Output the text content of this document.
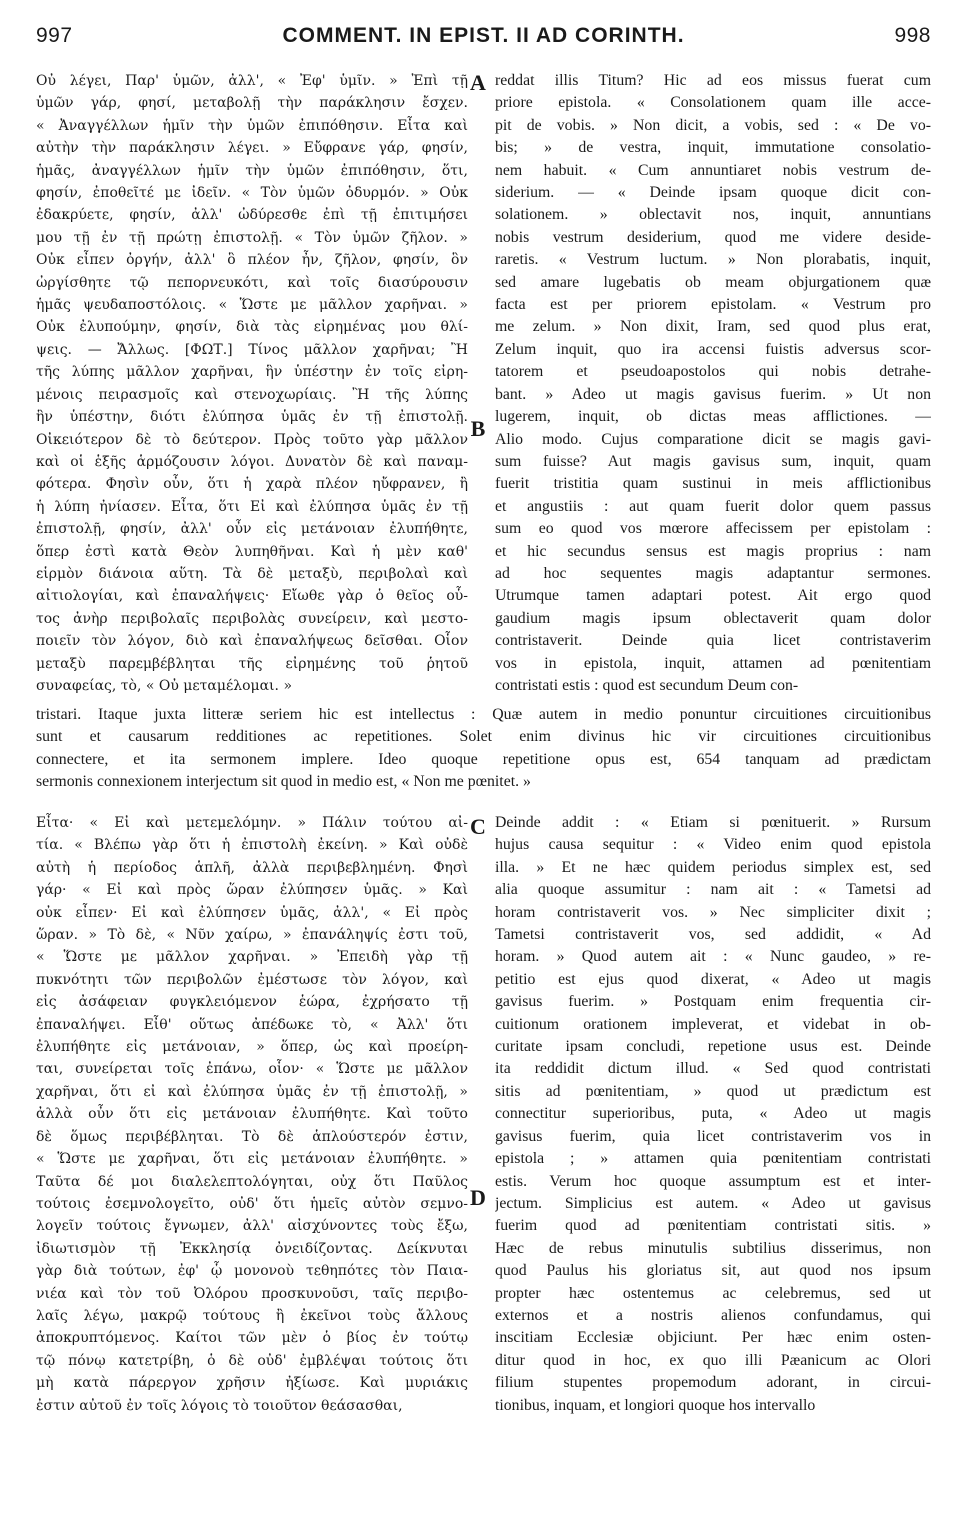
997	COMMENT. IN EPIST. II AD CORINTH.	998
A
B
C
D
Οὐ λέγει, Παρ' ὑμῶν, ἀλλ', « Ἐφ' ὑμῖν. » Ἐπὶ τῇ
ὑμῶν γάρ, φησί, μεταβολῇ τὴν παράκλησιν ἔσχεν.
« Ἀναγγέλλων ἡμῖν τὴν ὑμῶν ἐπιπόθησιν. Εἶτα καὶ
αὐτὴν τὴν παράκλησιν λέγει. » Εὔφρανε γάρ, φησίν,
ἡμᾶς, ἀναγγέλλων ἡμῖν τὴν ὑμῶν ἐπιπόθησιν, ὅτι,
φησίν, ἐποθεῖτέ με ἰδεῖν. « Τὸν ὑμῶν ὀδυρμόν. » Οὐκ
ἐδακρύετε, φησίν, ἀλλ' ὠδύρεσθε ἐπὶ τῇ ἐπιτιμήσει
μου τῇ ἐν τῇ πρώτῃ ἐπιστολῇ. « Τὸν ὑμῶν ζῆλον. »
Οὐκ εἶπεν ὀργήν, ἀλλ' ὃ πλέον ἦν, ζῆλον, φησίν, ὃν
ὠργίσθητε τῷ πεπορνευκότι, καὶ τοῖς διασύρουσιν
ἡμᾶς ψευδαποστόλοις. « Ὥστε με μᾶλλον χαρῆναι. »
Οὐκ ἐλυπούμην, φησίν, διὰ τὰς εἰρημένας μου θλί-
ψεις. — Ἄλλως. [ΦΩΤ.] Τίνος μᾶλλον χαρῆναι; Ἢ
τῆς λύπης μᾶλλον χαρῆναι, ἣν ὑπέστην ἐν τοῖς εἰρη-
μένοις πειρασμοῖς καὶ στενοχωρίαις. Ἢ τῆς λύπης
ἣν ὑπέστην, διότι ἐλύπησα ὑμᾶς ἐν τῇ ἐπιστολῇ.
Οἰκειότερον δὲ τὸ δεύτερον. Πρὸς τοῦτο γὰρ μᾶλλον
καὶ οἱ ἑξῆς ἁρμόζουσιν λόγοι. Δυνατὸν δὲ καὶ παναμ-
φότερα. Φησὶν οὖν, ὅτι ἡ χαρὰ πλέον ηὔφρανεν, ἢ
ἡ λύπη ἠνίασεν. Εἶτα, ὅτι Εἰ καὶ ἐλύπησα ὑμᾶς ἐν τῇ
ἐπιστολῇ, φησίν, ἀλλ' οὖν εἰς μετάνοιαν ἐλυπήθητε,
ὅπερ ἐστὶ κατὰ Θεὸν λυπηθῆναι. Καὶ ἡ μὲν καθ'
εἱρμὸν διάνοια αὕτη. Τὰ δὲ μεταξὺ, περιβολαὶ καὶ
αἰτιολογίαι, καὶ ἐπαναλήψεις· Εἴωθε γὰρ ὁ θεῖος οὗ-
τος ἀνὴρ περιβολαῖς περιβολὰς συνείρειν, καὶ μεστο-
ποιεῖν τὸν λόγον, διὸ καὶ ἐπαναλήψεως δεῖσθαι. Οἷον
μεταξὺ παρεμβέβληται τῆς εἰρημένης τοῦ ῥητοῦ
συναφείας, τὸ, « Οὐ μεταμέλομαι. »
reddat illis Titum? Hic ad eos missus fuerat cum
priore epistola. « Consolationem quam ille acce-
pit de vobis. » Non dicit, a vobis, sed : « De vo-
bis; » de vestra, inquit, immutatione consolatio-
nem habuit. « Cum annuntiaret nobis vestrum de-
siderium. — « Deinde ipsam quoque dicit con-
solationem. » oblectavit nos, inquit, annuntians
nobis vestrum desiderium, quod me videre deside-
raretis. « Vestrum luctum. » Non plorabatis, inquit,
sed amare lugebatis ob meam objurgationem quæ
facta est per priorem epistolam. « Vestrum pro
me zelum. » Non dixit, Iram, sed quod plus erat,
Zelum inquit, quo ira accensi fuistis adversus scor-
tatorem et pseudoapostolos qui nobis detrahe-
bant. » Adeo ut magis gavisus fuerim. » Ut non
lugerem, inquit, ob dictas meas afflictiones. —
Alio modo. Cujus comparatione dicit se magis gavi-
sum fuisse? Aut magis gavisus sum, inquit, quam
fuerit tristitia quam sustinui in meis afflictionibus
et angustiis : aut quam fuerit dolor quem passus
sum eo quod vos mœrore affecissem per epistolam :
et hic secundus sensus est magis proprius : nam
ad hoc sequentes magis adaptantur sermones.
Utrumque tamen adaptari potest. Ait ergo quod
gaudium magis ipsum oblectaverit quam dolor
contristaverit. Deinde quia licet contristaverim
vos in epistola, inquit, attamen ad pœnitentiam
contristati estis : quod est secundum Deum con-
tristari. Itaque juxta litteræ seriem hic est intellectus : Quæ autem in medio ponuntur circuitiones circuitionibus
sunt et causarum redditiones ac repetitiones. Solet enim divinus hic vir circuitiones circuitionibus
connectere, et ita sermonem implere. Ideo quoque repetitione opus est, 654 tanquam ad prædictam
sermonis connexionem interjectum sit quod in medio est, « Non me pœnitet. »
Εἶτα· « Εἰ καὶ μετεμελόμην. » Πάλιν τούτου αἰ-
τία. « Βλέπω γὰρ ὅτι ἡ ἐπιστολὴ ἐκείνη. » Καὶ οὐδὲ
αὐτὴ ἡ περίοδος ἁπλῆ, ἀλλὰ περιβεβλημένη. Φησὶ
γάρ· « Εἰ καὶ πρὸς ὥραν ἐλύπησεν ὑμᾶς. » Καὶ
οὐκ εἶπεν· Εἰ καὶ ἐλύπησεν ὑμᾶς, ἀλλ', « Εἰ πρὸς
ὥραν. » Τὸ δὲ, « Νῦν χαίρω, » ἐπανάληψίς ἐστι τοῦ,
« Ὥστε με μᾶλλον χαρῆναι. » Ἐπειδὴ γὰρ τῇ
πυκνότητι τῶν περιβολῶν ἐμέστωσε τὸν λόγον, καὶ
εἰς ἀσάφειαν φυγκλειόμενον ἑώρα, ἐχρήσατο τῇ
ἐπαναλήψει. Εἶθ' οὕτως ἀπέδωκε τὸ, « Ἀλλ' ὅτι
ἐλυπήθητε εἰς μετάνοιαν, » ὅπερ, ὡς καὶ προείρη-
ται, συνείρεται τοῖς ἐπάνω, οἷον· « Ὥστε με μᾶλλον
χαρῆναι, ὅτι εἰ καὶ ἐλύπησα ὑμᾶς ἐν τῇ ἐπιστολῇ, »
ἀλλὰ οὖν ὅτι εἰς μετάνοιαν ἐλυπήθητε. Καὶ τοῦτο
δὲ ὅμως περιβέβληται. Τὸ δὲ ἁπλούστερόν ἐστιν,
« Ὥστε με χαρῆναι, ὅτι εἰς μετάνοιαν ἐλυπήθητε. »
Ταῦτα δέ μοι διαλελεπτολόγηται, οὐχ ὅτι Παῦλος
τούτοις ἐσεμνολογεῖτο, οὐδ' ὅτι ἡμεῖς αὐτὸν σεμνο-
λογεῖν τούτοις ἔγνωμεν, ἀλλ' αἰσχύνοντες τοὺς ἔξω,
ἰδιωτισμὸν τῇ Ἐκκλησίᾳ ὀνειδίζοντας. Δείκνυται
γὰρ διὰ τούτων, ἐφ' ᾧ μονονοὺ τεθηπότες τὸν Παια-
νιέα καὶ τὸν τοῦ Ὀλόρου προσκυνοῦσι, ταῖς περιβο-
λαῖς λέγω, μακρῷ τούτους ἢ ἐκεῖνοι τοὺς ἄλλους
ἀποκρυπτόμενος. Καίτοι τῶν μὲν ὁ βίος ἐν τούτῳ
τῷ πόνῳ κατετρίβη, ὁ δὲ οὐδ' ἐμβλέψαι τούτοις ὅτι
μὴ κατὰ πάρεργον χρῆσιν ἠξίωσε. Καὶ μυριάκις
ἐστιν αὐτοῦ ἐν τοῖς λόγοις τὸ τοιοῦτον θεάσασθαι,
Deinde addit : « Etiam si pœnituerit. » Rursum
hujus causa sequitur : « Video enim quod epistola
illa. » Et ne hæc quidem periodus simplex est, sed
alia quoque assumitur : nam ait : « Tametsi ad
horam contristaverit vos. » Nec simpliciter dixit ;
Tametsi contristaverit vos, sed addidit, « Ad
horam. » Quod autem ait : « Nunc gaudeo, » re-
petitio est ejus quod dixerat, « Adeo ut magis
gavisus fuerim. » Postquam enim frequentia cir-
cuitionum orationem impleverat, et videbat in ob-
curitate ipsam concludi, repetione usus est. Deinde
ita reddidit dictum illud. « Sed quod contristati
sitis ad pœnitentiam, » quod ut prædictum est
connectitur superioribus, puta, « Adeo ut magis
gavisus fuerim, quia licet contristaverim vos in
epistola ; » attamen quia pœnitentiam contristati
estis. Verum hoc quoque assumptum est et inter-
jectum. Simplicius est autem. « Adeo ut gavisus
fuerim quod ad pœnitentiam contristati sitis. »
Hæc de rebus minutulis subtilius disserimus, non
quod Paulus his gloriatus sit, aut quod nos ipsum
propter hæc ostentemus ac celebremus, sed ut
externos et a nostris alienos confundamus, qui
inscitiam Ecclesiæ objiciunt. Per hæc enim osten-
ditur quod in hoc, ex quo illi Pæanicum ac Olori
filium stupentes propemodum adorant, in circui-
tionibus, inquam, et longiori quoque hos intervallo
